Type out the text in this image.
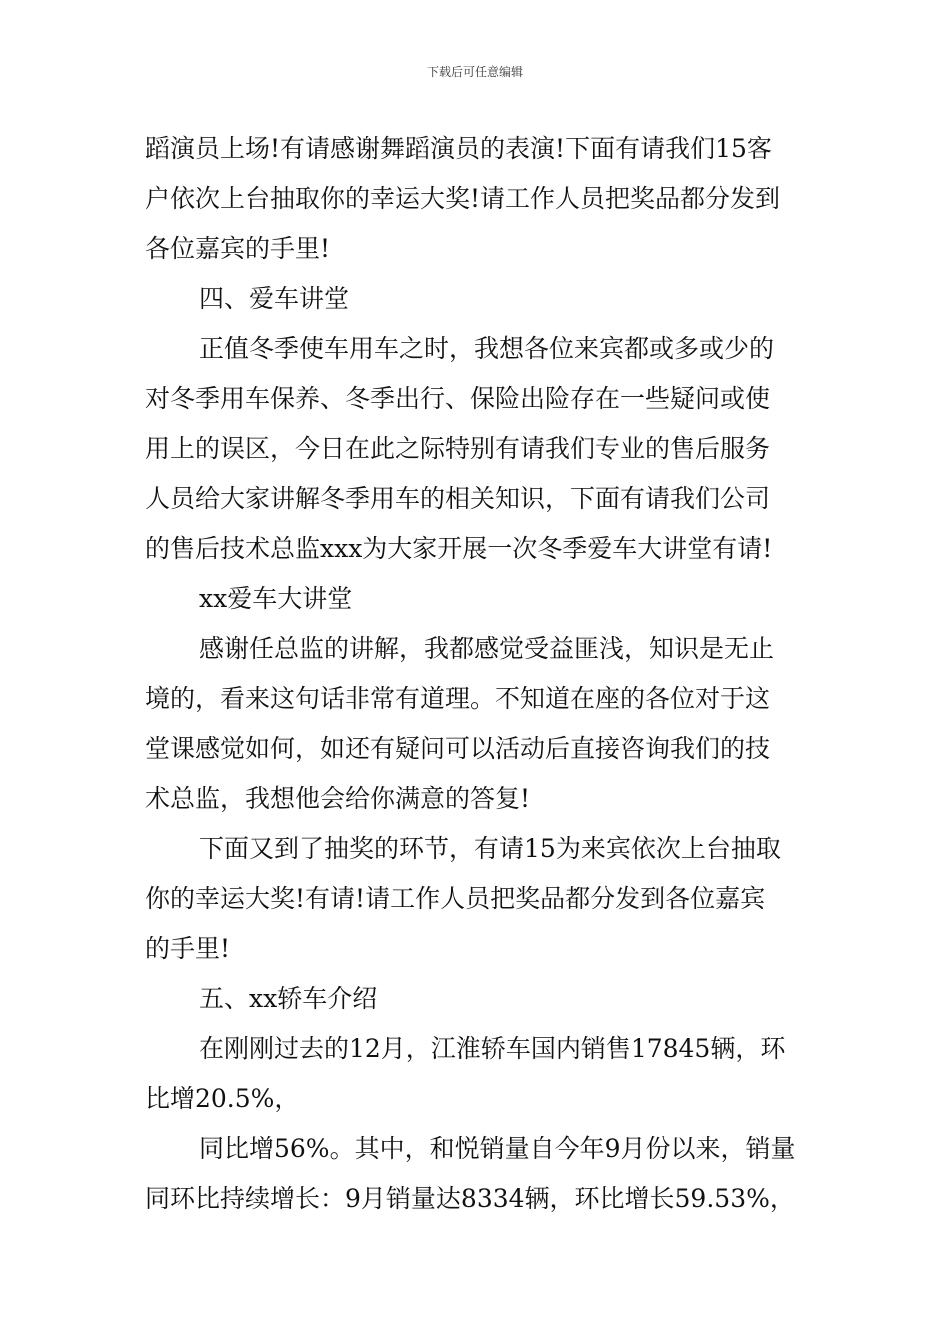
下载后可任意编辑
蹈演员上场!有请感谢舞蹈演员的表演!下面有请我们15客
户依次上台抽取你的幸运大奖!请工作人员把奖品都分发到
各位嘉宾的手里!
四、爱车讲堂
正值冬季使车用车之时，我想各位来宾都或多或少的
对冬季用车保养、冬季出行、保险出险存在一些疑问或使
用上的误区，今日在此之际特别有请我们专业的售后服务
人员给大家讲解冬季用车的相关知识，下面有请我们公司
的售后技术总监xxx为大家开展一次冬季爱车大讲堂有请!
xx爱车大讲堂
感谢任总监的讲解，我都感觉受益匪浅，知识是无止
境的，看来这句话非常有道理。不知道在座的各位对于这
堂课感觉如何，如还有疑问可以活动后直接咨询我们的技
术总监，我想他会给你满意的答复!
下面又到了抽奖的环节，有请15为来宾依次上台抽取
你的幸运大奖!有请!请工作人员把奖品都分发到各位嘉宾
的手里!
五、xx轿车介绍
在刚刚过去的12月，江淮轿车国内销售17845辆，环
比增20.5%，
同比增56%。其中，和悦销量自今年9月份以来，销量
同环比持续增长：9月销量达8334辆，环比增长59.53%，
